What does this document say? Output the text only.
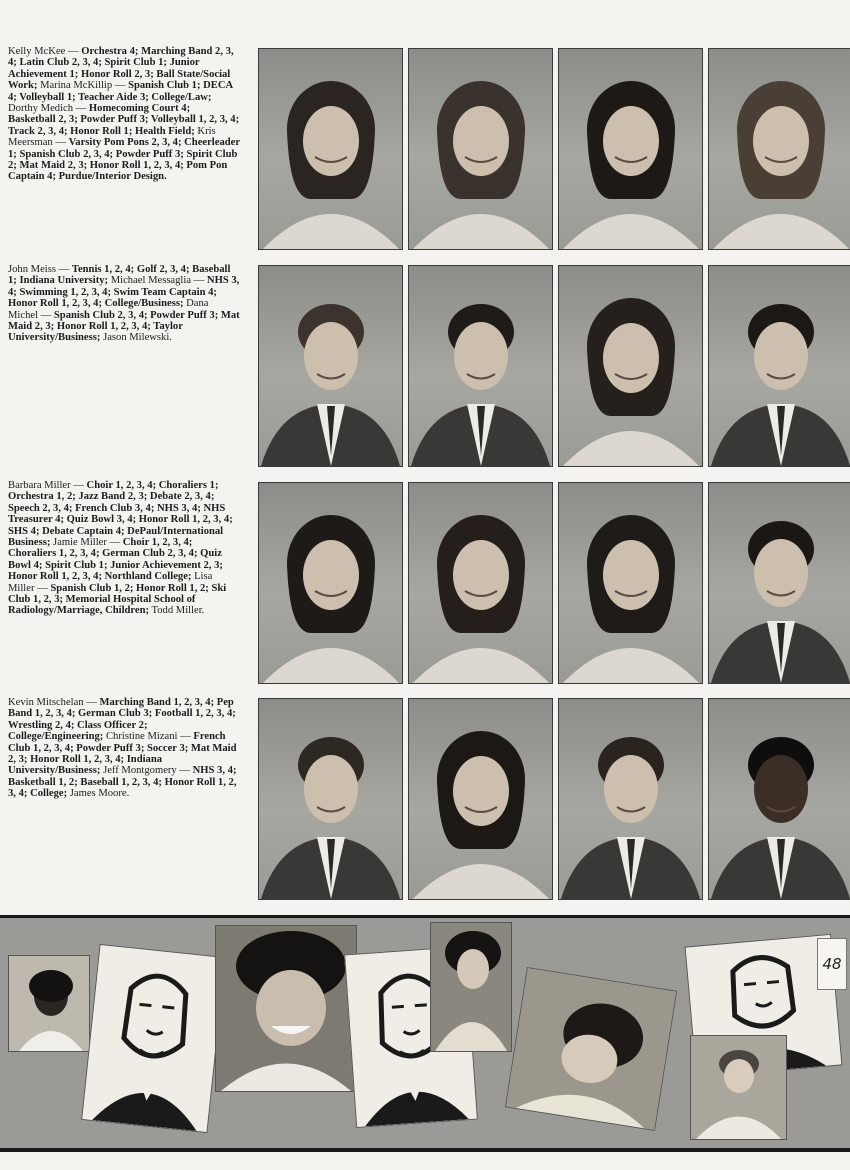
Kelly McKee — Orchestra 4; Marching Band 2, 3, 4; Latin Club 2, 3, 4; Spirit Club 1; Junior Achievement 1; Honor Roll 2, 3; Ball State/Social Work; Marina McKillip — Spanish Club 1; DECA 4; Volleyball 1; Teacher Aide 3; College/Law; Dorthy Medich — Homecoming Court 4; Basketball 2, 3; Powder Puff 3; Volleyball 1, 2, 3, 4; Track 2, 3, 4; Honor Roll 1; Health Field; Kris Meersman — Varsity Pom Pons 2, 3, 4; Cheerleader 1; Spanish Club 2, 3, 4; Powder Puff 3; Spirit Club 2; Mat Maid 2, 3; Honor Roll 1, 2, 3, 4; Pom Pon Captain 4; Purdue/Interior Design.

John Meiss — Tennis 1, 2, 4; Golf 2, 3, 4; Baseball 1; Indiana University; Michael Messaglia — NHS 3, 4; Swimming 1, 2, 3, 4; Swim Team Captain 4; Honor Roll 1, 2, 3, 4; College/Business; Dana Michel — Spanish Club 2, 3, 4; Powder Puff 3; Mat Maid 2, 3; Honor Roll 1, 2, 3, 4; Taylor University/Business; Jason Milewski.

Barbara Miller — Choir 1, 2, 3, 4; Choraliers 1; Orchestra 1, 2; Jazz Band 2, 3; Debate 2, 3, 4; Speech 2, 3, 4; French Club 3, 4; NHS 3, 4; NHS Treasurer 4; Quiz Bowl 3, 4; Honor Roll 1, 2, 3, 4; SHS 4; Debate Captain 4; DePaul/International Business; Jamie Miller — Choir 1, 2, 3, 4; Choraliers 1, 2, 3, 4; German Club 2, 3, 4; Quiz Bowl 4; Spirit Club 1; Junior Achievement 2, 3; Honor Roll 1, 2, 3, 4; Northland College; Lisa Miller — Spanish Club 1, 2; Honor Roll 1, 2; Ski Club 1, 2, 3; Memorial Hospital School of Radiology/Marriage, Children; Todd Miller.

Kevin Mitschelan — Marching Band 1, 2, 3, 4; Pep Band 1, 2, 3, 4; German Club 3; Football 1, 2, 3, 4; Wrestling 2, 4; Class Officer 2; College/Engineering; Christine Mizani — French Club 1, 2, 3, 4; Powder Puff 3; Soccer 3; Mat Maid 2, 3; Honor Roll 1, 2, 3, 4; Indiana University/Business; Jeff Montgomery — NHS 3, 4; Basketball 1, 2; Baseball 1, 2, 3, 4; Honor Roll 1, 2, 3, 4; College; James Moore.

48
